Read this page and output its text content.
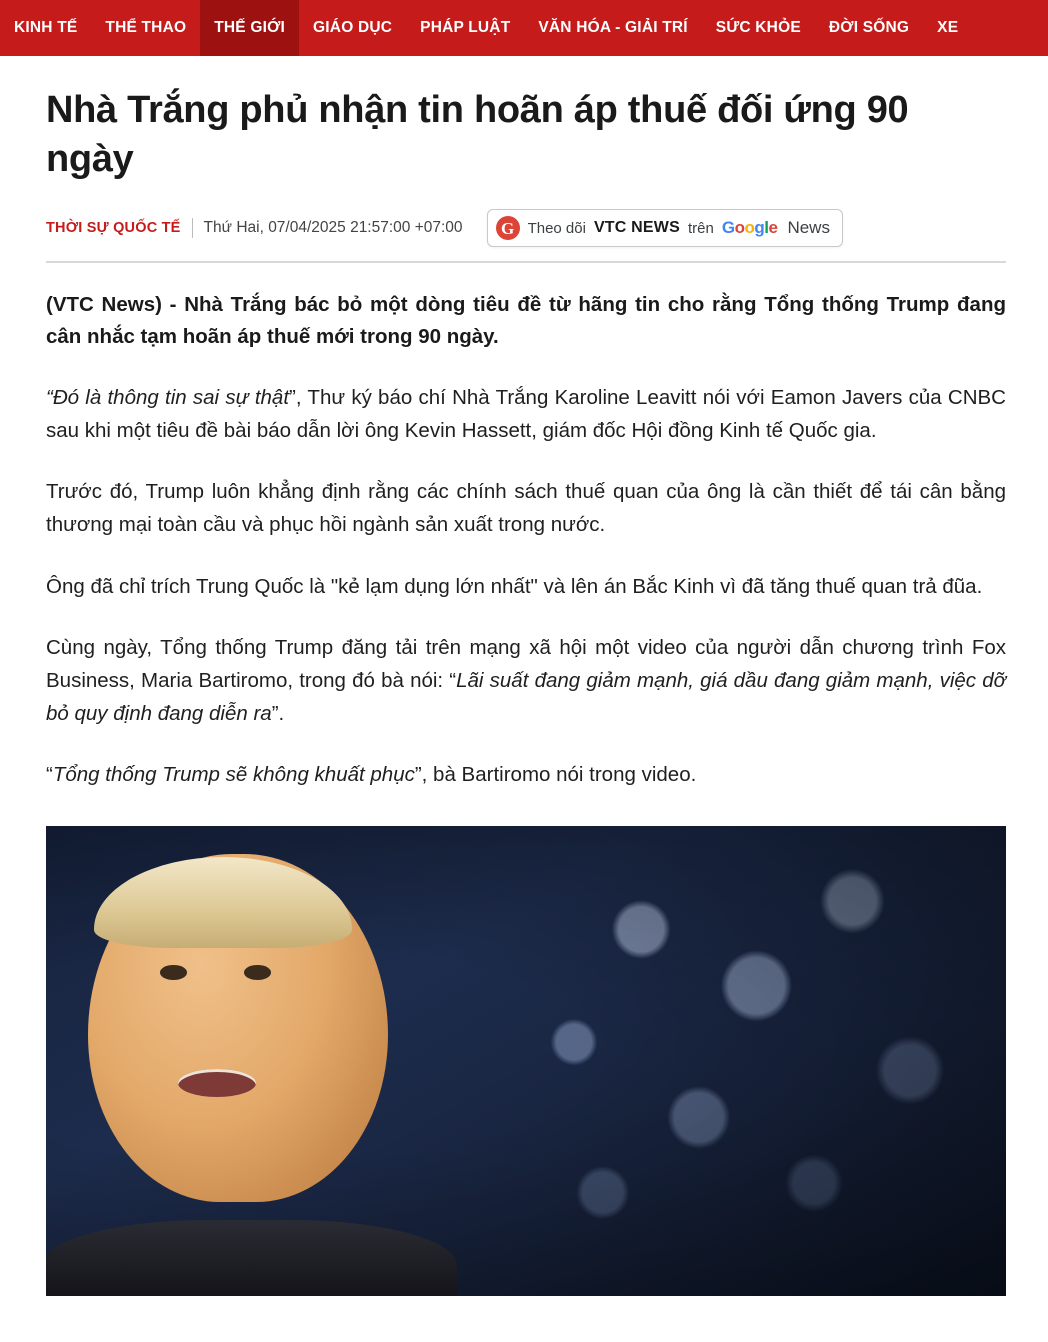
KINH TẾ	THỂ THAO	THẾ GIỚI	GIÁO DỤC	PHÁP LUẬT	VĂN HÓA - GIẢI TRÍ	SỨC KHỎE	ĐỜI SỐNG	XE
Nhà Trắng phủ nhận tin hoãn áp thuế đối ứng 90 ngày
THỜI SỰ QUỐC TẾ Thứ Hai, 07/04/2025 21:57:00 +07:00	G Theo dõi VTC NEWS trên Google News

(VTC News) - Nhà Trắng bác bỏ một dòng tiêu đề từ hãng tin cho rằng Tổng thống Trump đang cân nhắc tạm hoãn áp thuế mới trong 90 ngày.

“Đó là thông tin sai sự thật”, Thư ký báo chí Nhà Trắng Karoline Leavitt nói với Eamon Javers của CNBC sau khi một tiêu đề bài báo dẫn lời ông Kevin Hassett, giám đốc Hội đồng Kinh tế Quốc gia.

Trước đó, Trump luôn khẳng định rằng các chính sách thuế quan của ông là cần thiết để tái cân bằng thương mại toàn cầu và phục hồi ngành sản xuất trong nước.

Ông đã chỉ trích Trung Quốc là "kẻ lạm dụng lớn nhất" và lên án Bắc Kinh vì đã tăng thuế quan trả đũa.

Cùng ngày, Tổng thống Trump đăng tải trên mạng xã hội một video của người dẫn chương trình Fox Business, Maria Bartiromo, trong đó bà nói: “Lãi suất đang giảm mạnh, giá dầu đang giảm mạnh, việc dỡ bỏ quy định đang diễn ra”.

“Tổng thống Trump sẽ không khuất phục”, bà Bartiromo nói trong video.
